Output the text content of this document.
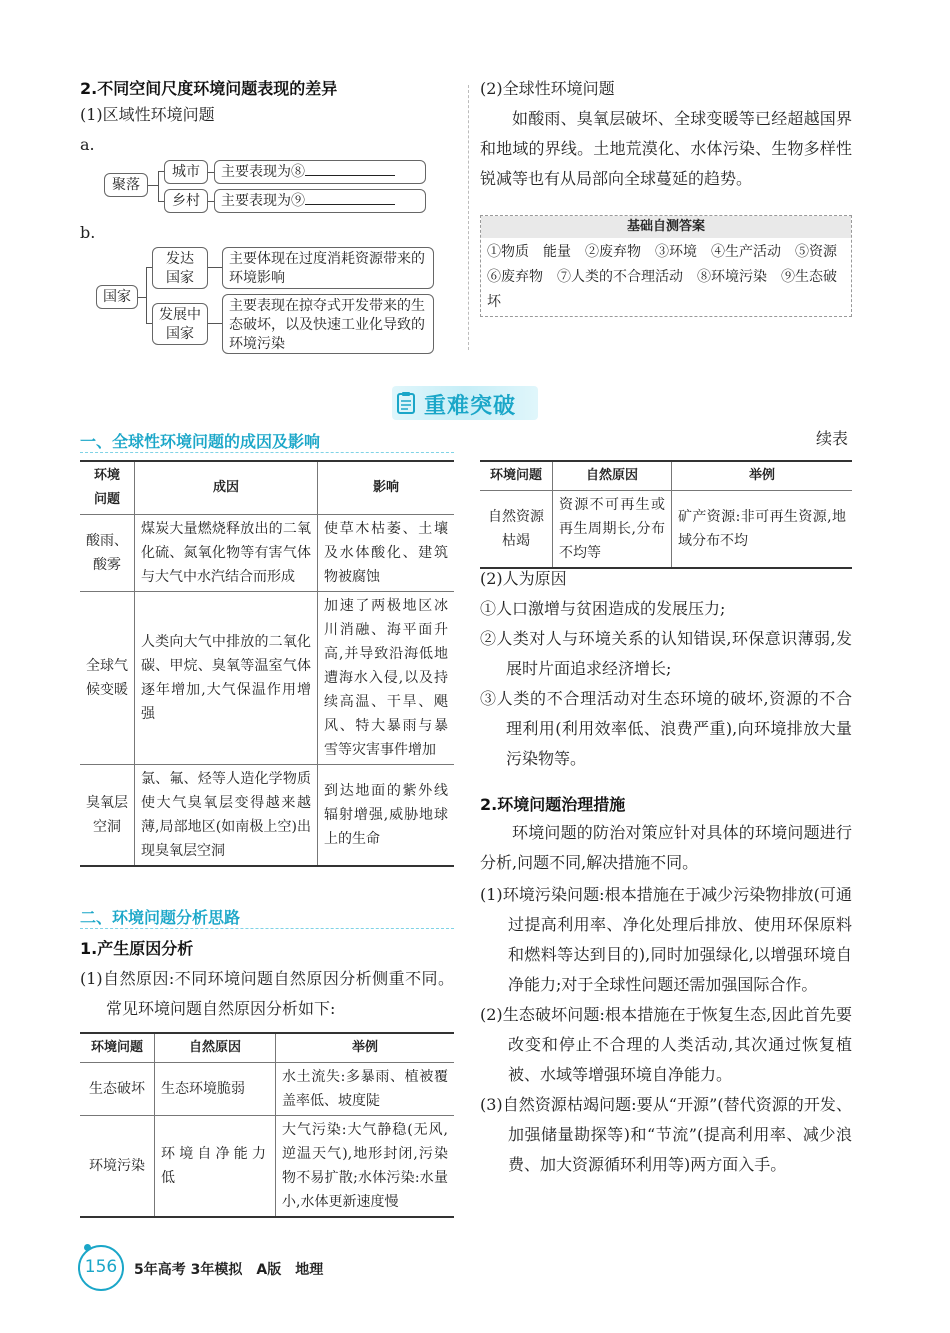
2.不同空间尺度环境问题表现的差异
(1)区域性环境问题
a.
聚落
城市
乡村
主要表现为⑧
主要表现为⑨
b.
国家
发达
国家
发展中
国家
主要体现在过度消耗资源带来的环境影响
主要表现在掠夺式开发带来的生态破坏，以及快速工业化导致的环境污染
(2)全球性环境问题
如酸雨、臭氧层破坏、全球变暖等已经超越国界和地域的界线。土地荒漠化、水体污染、生物多样性锐减等也有从局部向全球蔓延的趋势。
基础自测答案
①物质　能量　②废弃物　③环境　④生产活动　⑤资源　⑥废弃物　⑦人类的不合理活动　⑧环境污染　⑨生态破坏
重难突破
一、全球性环境问题的成因及影响
环境
问题	成因	影响
酸雨、
酸雾	煤炭大量燃烧释放出的二氧化硫、氮氧化物等有害气体与大气中水汽结合而形成	使草木枯萎、土壤及水体酸化、建筑物被腐蚀
全球气
候变暖	人类向大气中排放的二氧化碳、甲烷、臭氧等温室气体逐年增加,大气保温作用增强	加速了两极地区冰川消融、海平面升高,并导致沿海低地遭海水入侵,以及持续高温、干旱、飓风、特大暴雨与暴雪等灾害事件增加
臭氧层
空洞	氯、氟、烃等人造化学物质使大气臭氧层变得越来越薄,局部地区(如南极上空)出现臭氧层空洞	到达地面的紫外线辐射增强,威胁地球上的生命
二、环境问题分析思路
1.产生原因分析
(1)自然原因:不同环境问题自然原因分析侧重不同。常见环境问题自然原因分析如下:
环境问题	自然原因	举例
生态破坏	生态环境脆弱	水土流失:多暴雨、植被覆盖率低、坡度陡
环境污染	环境自净能力低	大气污染:大气静稳(无风,逆温天气),地形封闭,污染物不易扩散;水体污染:水量小,水体更新速度慢
续表
环境问题	自然原因	举例
自然资源
枯竭	资源不可再生或再生周期长,分布不均等	矿产资源:非可再生资源,地域分布不均
(2)人为原因
①人口激增与贫困造成的发展压力;
②人类对人与环境关系的认知错误,环保意识薄弱,发展时片面追求经济增长;
③人类的不合理活动对生态环境的破坏,资源的不合理利用(利用效率低、浪费严重),向环境排放大量污染物等。
2.环境问题治理措施
环境问题的防治对策应针对具体的环境问题进行分析,问题不同,解决措施不同。
(1)环境污染问题:根本措施在于减少污染物排放(可通过提高利用率、净化处理后排放、使用环保原料和燃料等达到目的),同时加强绿化,以增强环境自净能力;对于全球性问题还需加强国际合作。
(2)生态破坏问题:根本措施在于恢复生态,因此首先要改变和停止不合理的人类活动,其次通过恢复植被、水域等增强环境自净能力。
(3)自然资源枯竭问题:要从“开源”(替代资源的开发、加强储量勘探等)和“节流”(提高利用率、减少浪费、加大资源循环利用等)两方面入手。
156	5年高考 3年模拟　A版　地理
